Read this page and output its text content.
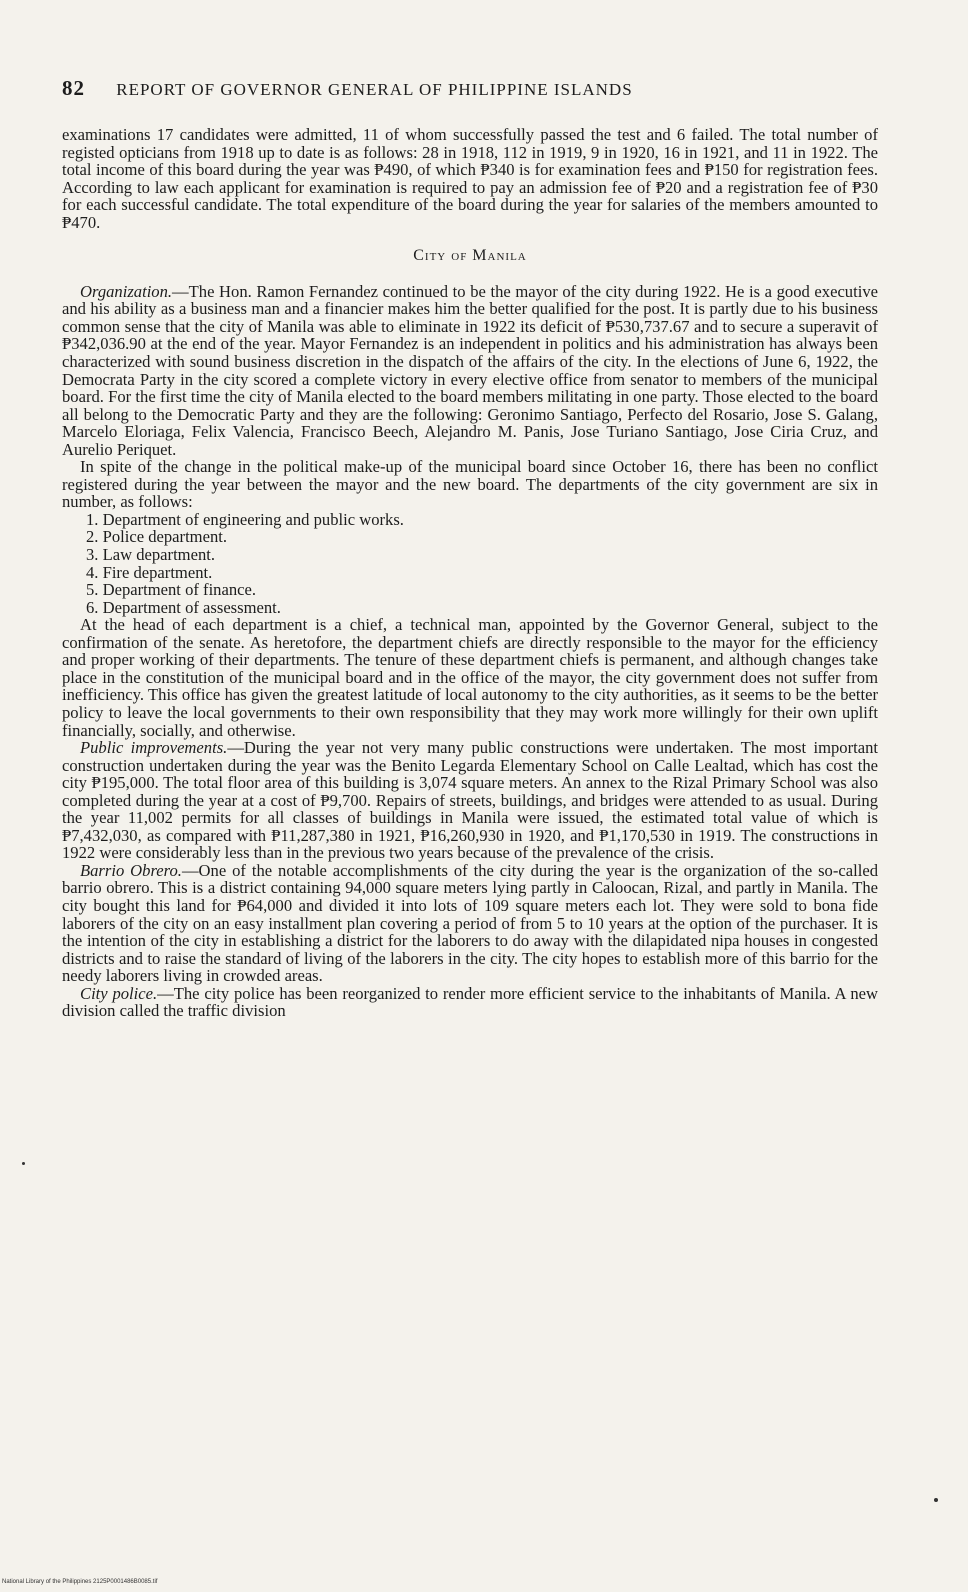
82 REPORT OF GOVERNOR GENERAL OF PHILIPPINE ISLANDS

examinations 17 candidates were admitted, 11 of whom successfully passed the test and 6 failed. The total number of registed opticians from 1918 up to date is as follows: 28 in 1918, 112 in 1919, 9 in 1920, 16 in 1921, and 11 in 1922. The total income of this board during the year was ₱490, of which ₱340 is for examination fees and ₱150 for registration fees. According to law each applicant for examination is required to pay an admission fee of ₱20 and a registration fee of ₱30 for each successful candidate. The total expenditure of the board during the year for salaries of the members amounted to ₱470.

City of Manila

Organization.—The Hon. Ramon Fernandez continued to be the mayor of the city during 1922. He is a good executive and his ability as a business man and a financier makes him the better qualified for the post. It is partly due to his business common sense that the city of Manila was able to eliminate in 1922 its deficit of ₱530,737.67 and to secure a superavit of ₱342,036.90 at the end of the year. Mayor Fernandez is an independent in politics and his administration has always been characterized with sound business discretion in the dispatch of the affairs of the city. In the elections of June 6, 1922, the Democrata Party in the city scored a complete victory in every elective office from senator to members of the municipal board. For the first time the city of Manila elected to the board members militating in one party. Those elected to the board all belong to the Democratic Party and they are the following: Geronimo Santiago, Perfecto del Rosario, Jose S. Galang, Marcelo Eloriaga, Felix Valencia, Francisco Beech, Alejandro M. Panis, Jose Turiano Santiago, Jose Ciria Cruz, and Aurelio Periquet.

In spite of the change in the political make-up of the municipal board since October 16, there has been no conflict registered during the year between the mayor and the new board. The departments of the city government are six in number, as follows:

1. Department of engineering and public works.
2. Police department.
3. Law department.
4. Fire department.
5. Department of finance.
6. Department of assessment.

At the head of each department is a chief, a technical man, appointed by the Governor General, subject to the confirmation of the senate. As heretofore, the department chiefs are directly responsible to the mayor for the efficiency and proper working of their departments. The tenure of these department chiefs is permanent, and although changes take place in the constitution of the municipal board and in the office of the mayor, the city government does not suffer from inefficiency. This office has given the greatest latitude of local autonomy to the city authorities, as it seems to be the better policy to leave the local governments to their own responsibility that they may work more willingly for their own uplift financially, socially, and otherwise.

Public improvements.—During the year not very many public constructions were undertaken. The most important construction undertaken during the year was the Benito Legarda Elementary School on Calle Lealtad, which has cost the city ₱195,000. The total floor area of this building is 3,074 square meters. An annex to the Rizal Primary School was also completed during the year at a cost of ₱9,700. Repairs of streets, buildings, and bridges were attended to as usual. During the year 11,002 permits for all classes of buildings in Manila were issued, the estimated total value of which is ₱7,432,030, as compared with ₱11,287,380 in 1921, ₱16,260,930 in 1920, and ₱1,170,530 in 1919. The constructions in 1922 were considerably less than in the previous two years because of the prevalence of the crisis.

Barrio Obrero.—One of the notable accomplishments of the city during the year is the organization of the so-called barrio obrero. This is a district containing 94,000 square meters lying partly in Caloocan, Rizal, and partly in Manila. The city bought this land for ₱64,000 and divided it into lots of 109 square meters each lot. They were sold to bona fide laborers of the city on an easy installment plan covering a period of from 5 to 10 years at the option of the purchaser. It is the intention of the city in establishing a district for the laborers to do away with the dilapidated nipa houses in congested districts and to raise the standard of living of the laborers in the city. The city hopes to establish more of this barrio for the needy laborers living in crowded areas.

City police.—The city police has been reorganized to render more efficient service to the inhabitants of Manila. A new division called the traffic division

National Library of the Philippines 2125P0001486B0085.tif
